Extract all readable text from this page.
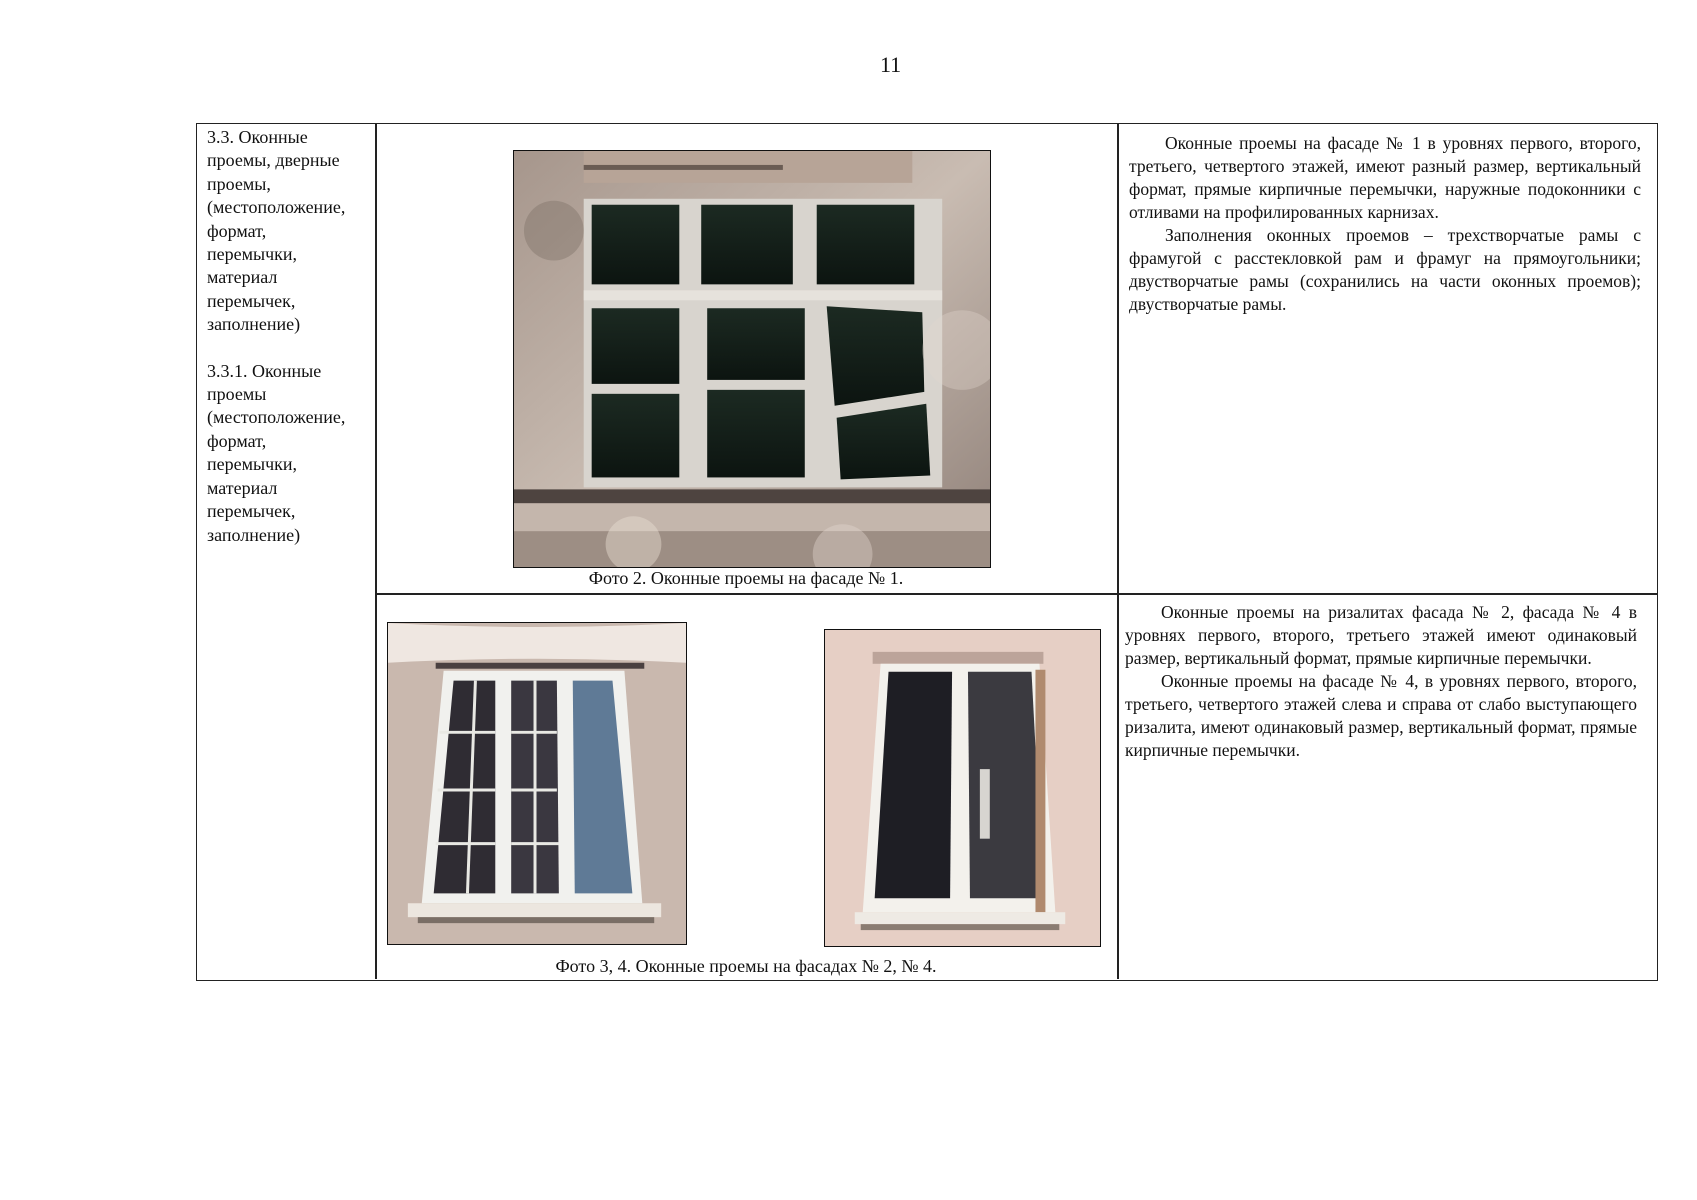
11

3.3. Оконные

проемы, дверные

проемы,

(местоположение,

формат,

перемычки,

материал

перемычек,

заполнение)

3.3.1. Оконные

проемы

(местоположение,

формат,

перемычки,

материал

перемычек,

заполнение)

Фото 2. Оконные проемы на фасаде № 1.

Оконные проемы на фасаде № 1 в уровнях первого, второго, третьего, четвертого этажей, имеют разный размер, вертикальный формат, прямые кирпичные перемычки, наружные подоконники с отливами на профилированных карнизах.

Заполнения оконных проемов – трехстворчатые рамы с фрамугой с расстекловкой рам и фрамуг на прямоугольники; двустворчатые рамы (сохранились на части оконных проемов); двустворчатые рамы.

Фото 3, 4. Оконные проемы на фасадах № 2, № 4.

Оконные проемы на ризалитах фасада № 2, фасада № 4 в уровнях первого, второго, третьего этажей имеют одинаковый размер, вертикальный формат, прямые кирпичные перемычки.

Оконные проемы на фасаде № 4, в уровнях первого, второго, третьего, четвертого этажей слева и справа от слабо выступающего ризалита, имеют одинаковый размер, вертикальный формат, прямые кирпичные перемычки.
